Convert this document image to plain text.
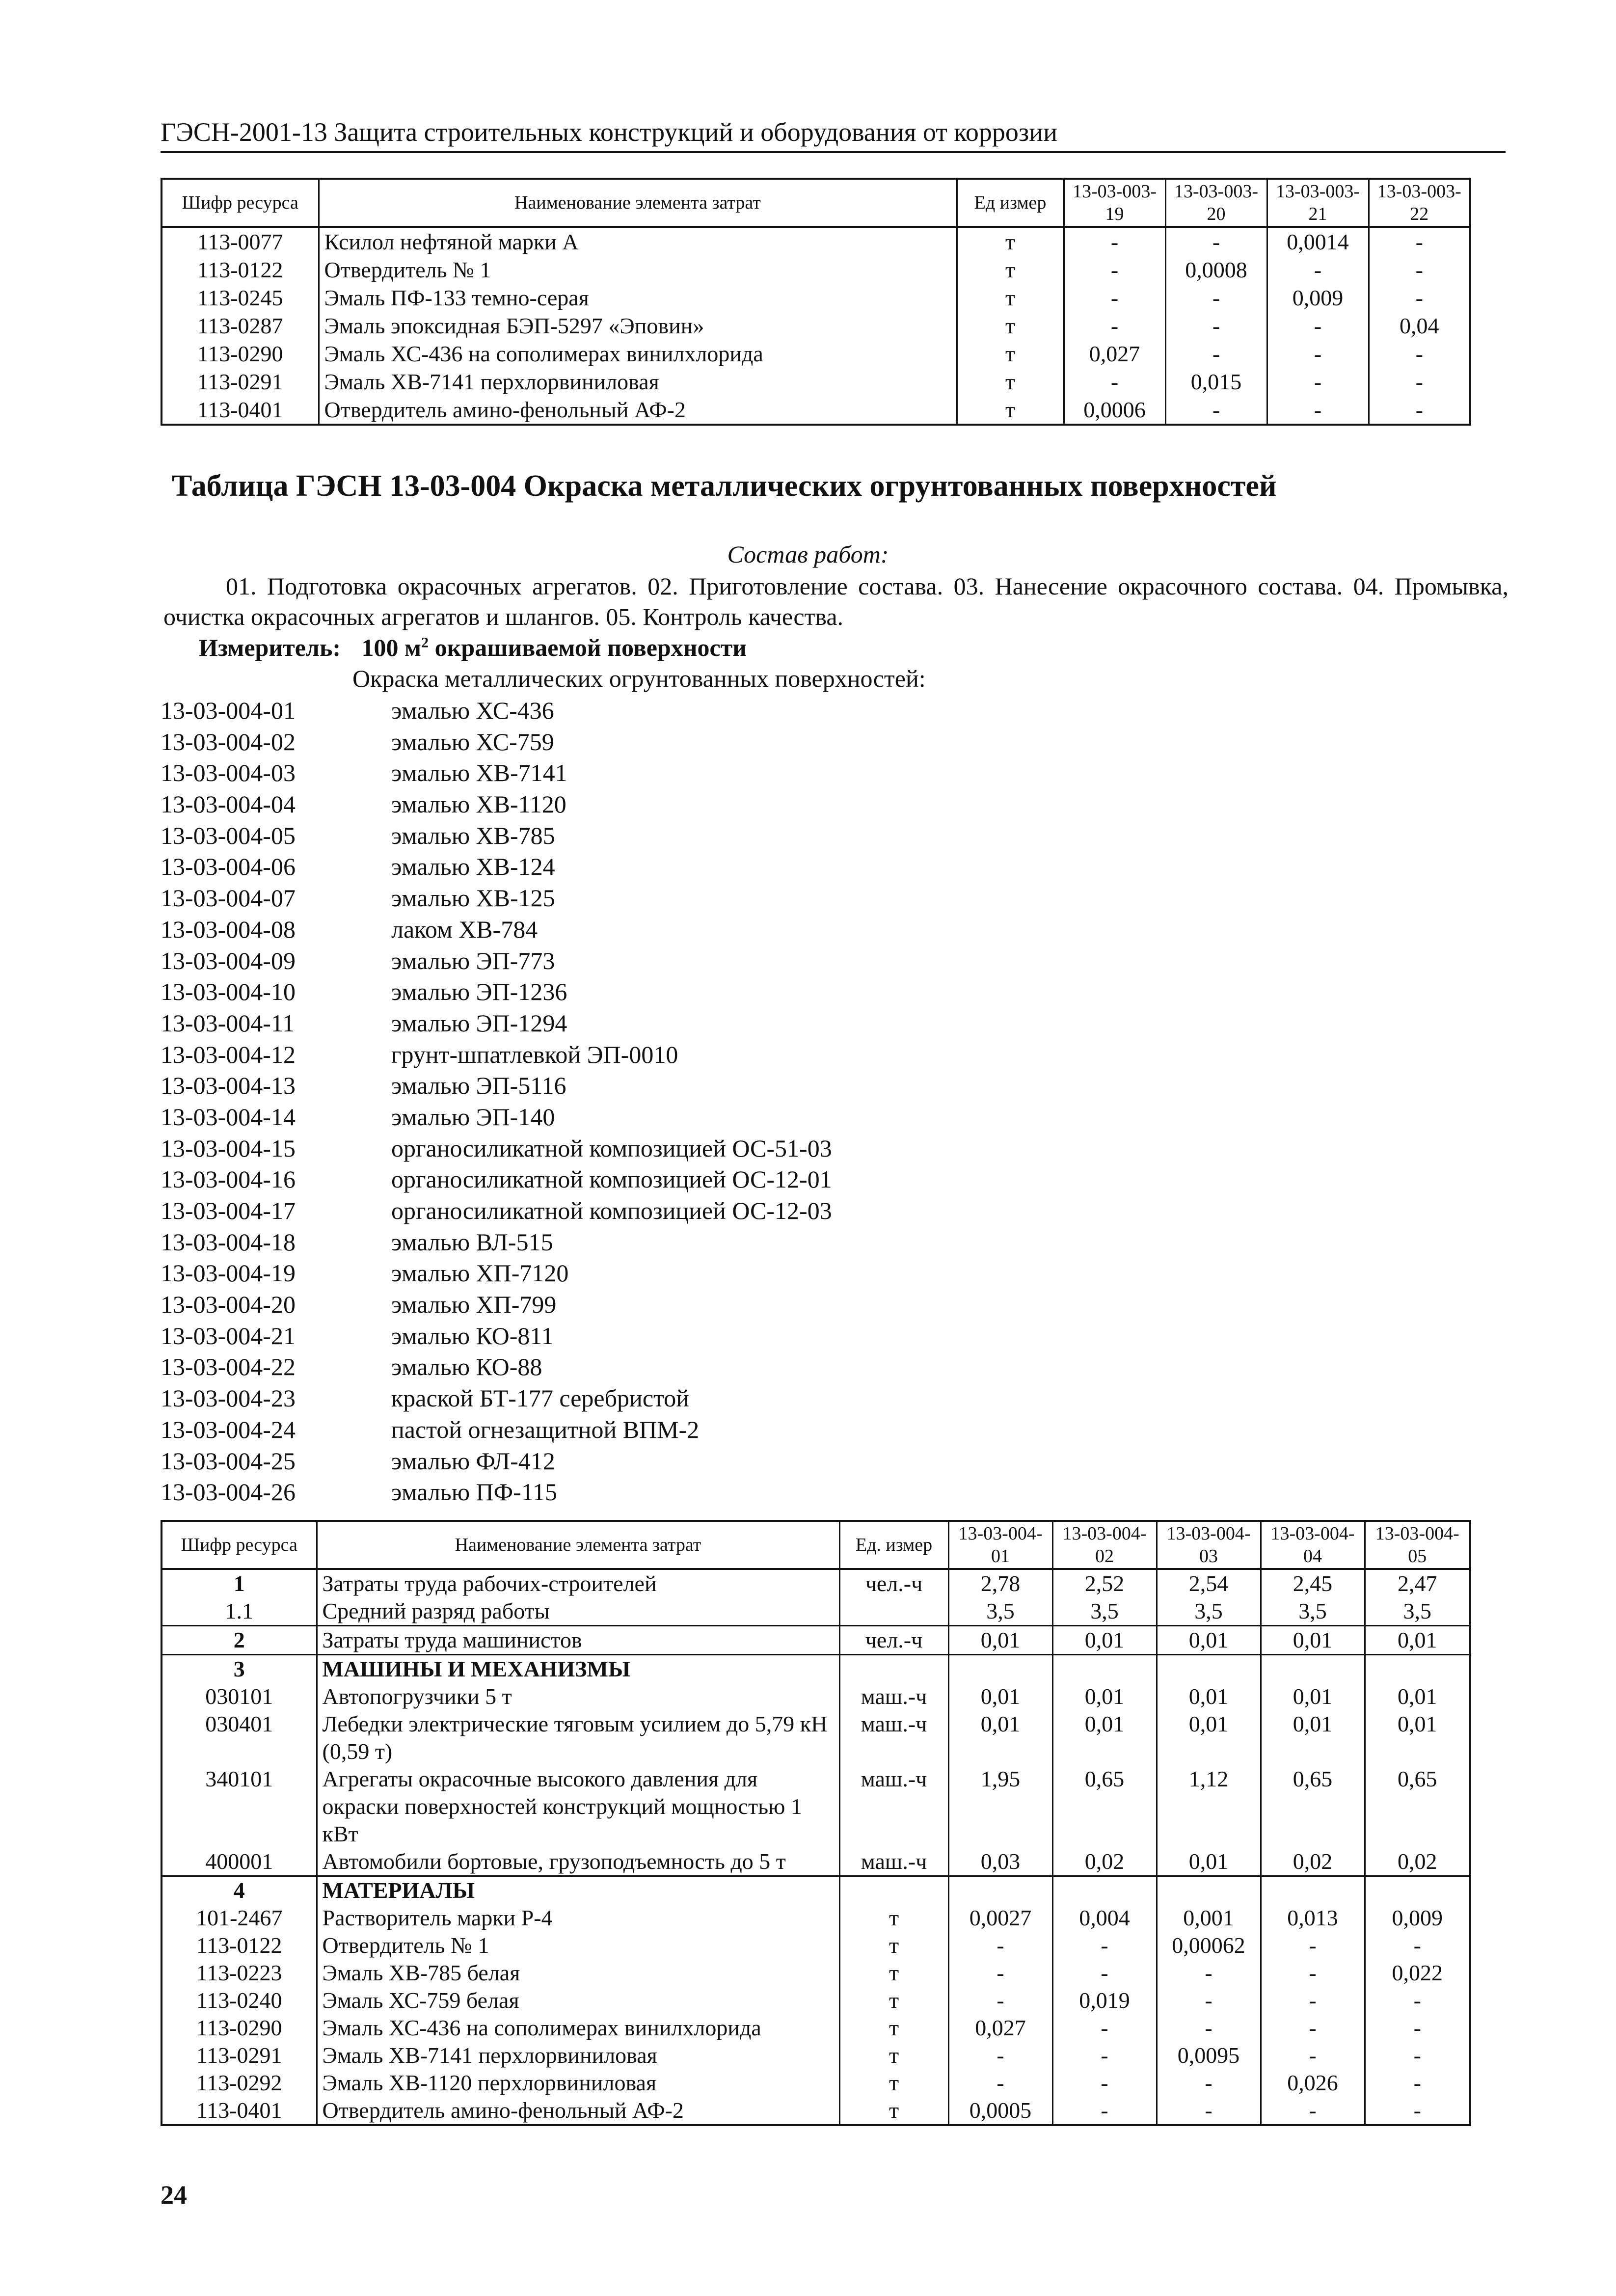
ГЭСН-2001-13 Защита строительных конструкций и оборудования от коррозии
Шифр ресурса	Наименование элемента затрат	Ед измер	13-03-003-19	13-03-003-20	13-03-003-21	13-03-003-22
113-0077	Ксилол нефтяной марки А	т	-	-	0,0014	-
113-0122	Отвердитель № 1	т	-	0,0008	-	-
113-0245	Эмаль ПФ-133 темно-серая	т	-	-	0,009	-
113-0287	Эмаль эпоксидная БЭП-5297 «Эповин»	т	-	-	-	0,04
113-0290	Эмаль ХС-436 на сополимерах винилхлорида	т	0,027	-	-	-
113-0291	Эмаль ХВ-7141 перхлорвиниловая	т	-	0,015	-	-
113-0401	Отвердитель амино-фенольный АФ-2	т	0,0006	-	-	-
Таблица ГЭСН 13-03-004 Окраска металлических огрунтованных поверхностей
Состав работ:
01. Подготовка окрасочных агрегатов. 02. Приготовление состава. 03. Нанесение окрасочного состава. 04. Промывка, очистка окрасочных агрегатов и шлангов. 05. Контроль качества.
Измеритель: 100 $м^2$ окрашиваемой поверхности
Окраска металлических огрунтованных поверхностей:
13-03-004-01	эмалью ХС-436
13-03-004-02	эмалью ХС-759
13-03-004-03	эмалью ХВ-7141
13-03-004-04	эмалью ХВ-1120
13-03-004-05	эмалью ХВ-785
13-03-004-06	эмалью ХВ-124
13-03-004-07	эмалью ХВ-125
13-03-004-08	лаком ХВ-784
13-03-004-09	эмалью ЭП-773
13-03-004-10	эмалью ЭП-1236
13-03-004-11	эмалью ЭП-1294
13-03-004-12	грунт-шпатлевкой ЭП-0010
13-03-004-13	эмалью ЭП-5116
13-03-004-14	эмалью ЭП-140
13-03-004-15	органосиликатной композицией ОС-51-03
13-03-004-16	органосиликатной композицией ОС-12-01
13-03-004-17	органосиликатной композицией ОС-12-03
13-03-004-18	эмалью ВЛ-515
13-03-004-19	эмалью ХП-7120
13-03-004-20	эмалью ХП-799
13-03-004-21	эмалью КО-811
13-03-004-22	эмалью КО-88
13-03-004-23	краской БТ-177 серебристой
13-03-004-24	пастой огнезащитной ВПМ-2
13-03-004-25	эмалью ФЛ-412
13-03-004-26	эмалью ПФ-115
Шифр ресурса	Наименование элемента затрат	Ед. измер	13-03-004-01	13-03-004-02	13-03-004-03	13-03-004-04	13-03-004-05
1	Затраты труда рабочих-строителей	чел.-ч	2,78	2,52	2,54	2,45	2,47
1.1	Средний разряд работы		3,5	3,5	3,5	3,5	3,5
2	Затраты труда машинистов	чел.-ч	0,01	0,01	0,01	0,01	0,01
3	МАШИНЫ И МЕХАНИЗМЫ						
030101	Автопогрузчики 5 т	маш.-ч	0,01	0,01	0,01	0,01	0,01
030401	Лебедки электрические тяговым усилием до 5,79 кН (0,59 т)	маш.-ч	0,01	0,01	0,01	0,01	0,01
340101	Агрегаты окрасочные высокого давления для окраски поверхностей конструкций мощностью 1 кВт	маш.-ч	1,95	0,65	1,12	0,65	0,65
400001	Автомобили бортовые, грузоподъемность до 5 т	маш.-ч	0,03	0,02	0,01	0,02	0,02
4	МАТЕРИАЛЫ						
101-2467	Растворитель марки Р-4	т	0,0027	0,004	0,001	0,013	0,009
113-0122	Отвердитель № 1	т	-	-	0,00062	-	-
113-0223	Эмаль ХВ-785 белая	т	-	-	-	-	0,022
113-0240	Эмаль ХС-759 белая	т	-	0,019	-	-	-
113-0290	Эмаль ХС-436 на сополимерах винилхлорида	т	0,027	-	-	-	-
113-0291	Эмаль ХВ-7141 перхлорвиниловая	т	-	-	0,0095	-	-
113-0292	Эмаль ХВ-1120 перхлорвиниловая	т	-	-	-	0,026	-
113-0401	Отвердитель амино-фенольный АФ-2	т	0,0005	-	-	-	-
24
